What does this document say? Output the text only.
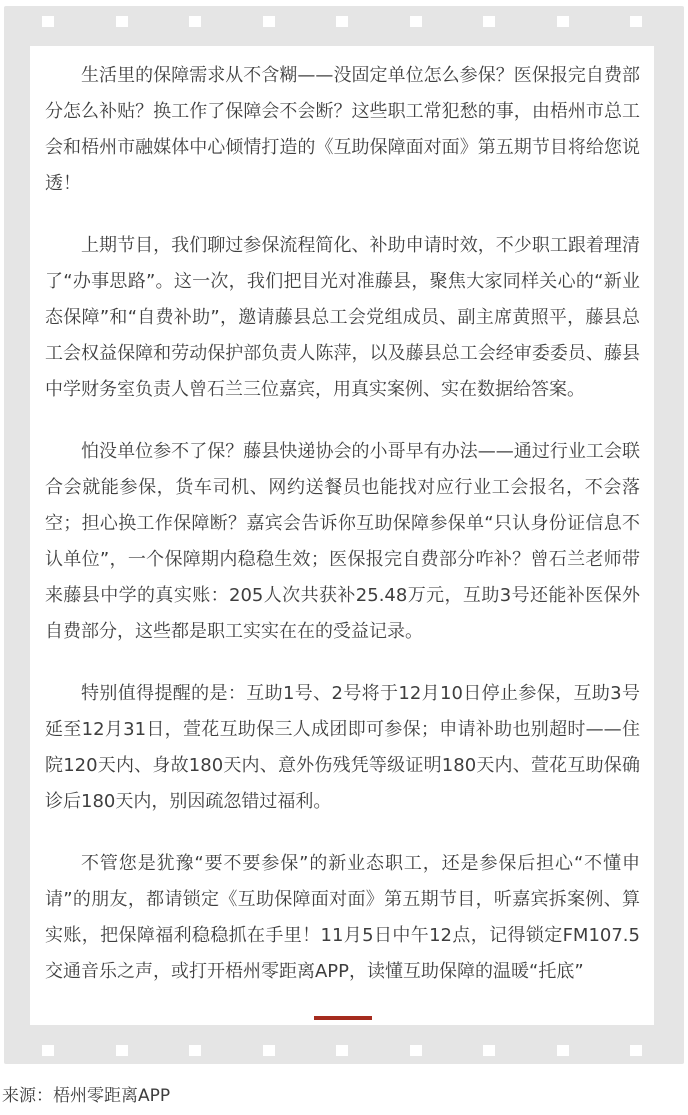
生活里的保障需求从不含糊——没固定单位怎么参保？医保报完自费部分怎么补贴？换工作了保障会不会断？这些职工常犯愁的事，由梧州市总工会和梧州市融媒体中心倾情打造的《互助保障面对面》第五期节目将给您说透！

上期节目，我们聊过参保流程简化、补助申请时效，不少职工跟着理清了“办事思路”。这一次，我们把目光对准藤县，聚焦大家同样关心的“新业态保障”和“自费补助”，邀请藤县总工会党组成员、副主席黄照平，藤县总工会权益保障和劳动保护部负责人陈萍，以及藤县总工会经审委委员、藤县中学财务室负责人曾石兰三位嘉宾，用真实案例、实在数据给答案。

怕没单位参不了保？藤县快递协会的小哥早有办法——通过行业工会联合会就能参保，货车司机、网约送餐员也能找对应行业工会报名，不会落空；担心换工作保障断？嘉宾会告诉你互助保障参保单“只认身份证信息不认单位”，一个保障期内稳稳生效；医保报完自费部分咋补？曾石兰老师带来藤县中学的真实账：205人次共获补25.48万元，互助3号还能补医保外自费部分，这些都是职工实实在在的受益记录。

特别值得提醒的是：互助1号、2号将于12月10日停止参保，互助3号延至12月31日，萱花互助保三人成团即可参保；申请补助也别超时——住院120天内、身故180天内、意外伤残凭等级证明180天内、萱花互助保确诊后180天内，别因疏忽错过福利。

不管您是犹豫“要不要参保”的新业态职工，还是参保后担心“不懂申请”的朋友，都请锁定《互助保障面对面》第五期节目，听嘉宾拆案例、算实账，把保障福利稳稳抓在手里！11月5日中午12点，记得锁定FM107.5交通音乐之声，或打开梧州零距离APP，读懂互助保障的温暖“托底”

来源：梧州零距离APP
